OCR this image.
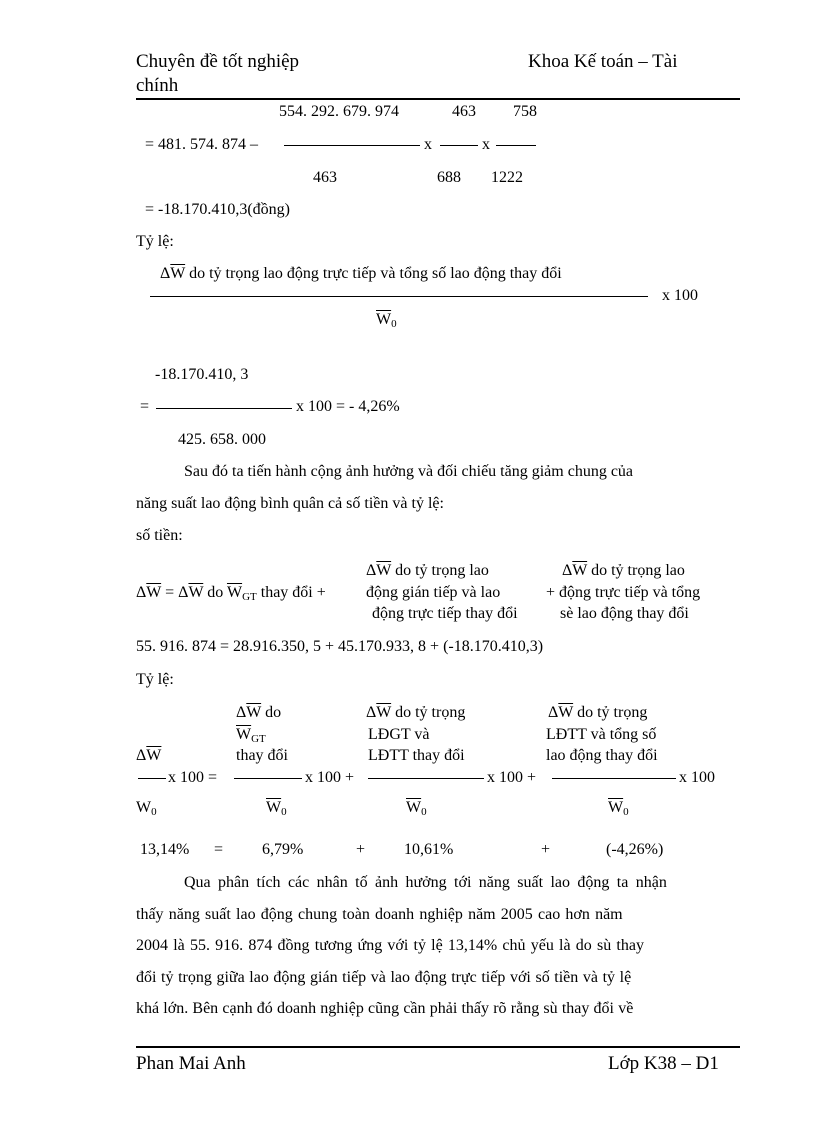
Chuyên đề tốt nghiệp
chính
Khoa Kế toán – Tài
554. 292. 679. 974	463 758
= 481. 574. 874 –	x	x
463	688 1222
= -18.170.410,3(đồng)
Tỷ lệ:
$\Delta\overline{W}$ do tỷ trọng lao động trực tiếp và tổng số lao động thay đổi
x 100
$\overline{W}_0$
-18.170.410, 3
=	x 100 = - 4,26%
425. 658. 000
Sau đó ta tiến hành cộng ảnh hưởng và đối chiếu tăng giảm chung của
năng suất lao động bình quân cả số tiền và tỷ lệ:
số tiền:
$\Delta\overline{W}$ do tỷ trọng lao	$\Delta\overline{W}$ do tỷ trọng lao
$\Delta\overline{W} = \Delta\overline{W}$ do $\overline{W}_{GT}$ thay đổi +	động gián tiếp và lao	+ động trực tiếp và tổng
động trực tiếp thay đổi	sè lao động thay đổi
55. 916. 874 = 28.916.350, 5 + 45.170.933, 8 + (-18.170.410,3)
Tỷ lệ:
$\Delta\overline{W}$ do	$\Delta\overline{W}$ do tỷ trọng	$\Delta\overline{W}$ do tỷ trọng
$\overline{W}_{GT}$	LĐGT và	LĐTT và tổng số
$\Delta\overline{W}$	thay đổi	LĐTT thay đổi	lao động thay đổi
x 100 =	x 100 +	x 100 +	x 100
$W_0$	$\overline{W}_0$	$\overline{W}_0$	$\overline{W}_0$
13,14% = 6,79%	+ 10,61%	+	(-4,26%)
Qua phân tích các nhân tố ảnh hưởng tới năng suất lao động ta nhận
thấy năng suất lao động chung toàn doanh nghiệp năm 2005 cao hơn năm
2004 là 55. 916. 874 đồng tương ứng với tỷ lệ 13,14% chủ yếu là do sù thay
đổi tỷ trọng giữa lao động gián tiếp và lao động trực tiếp với số tiền và tỷ lệ
khá lớn. Bên cạnh đó doanh nghiệp cũng cần phải thấy rõ rằng sù thay đổi về
Phan Mai Anh	Lớp K38 – D1
